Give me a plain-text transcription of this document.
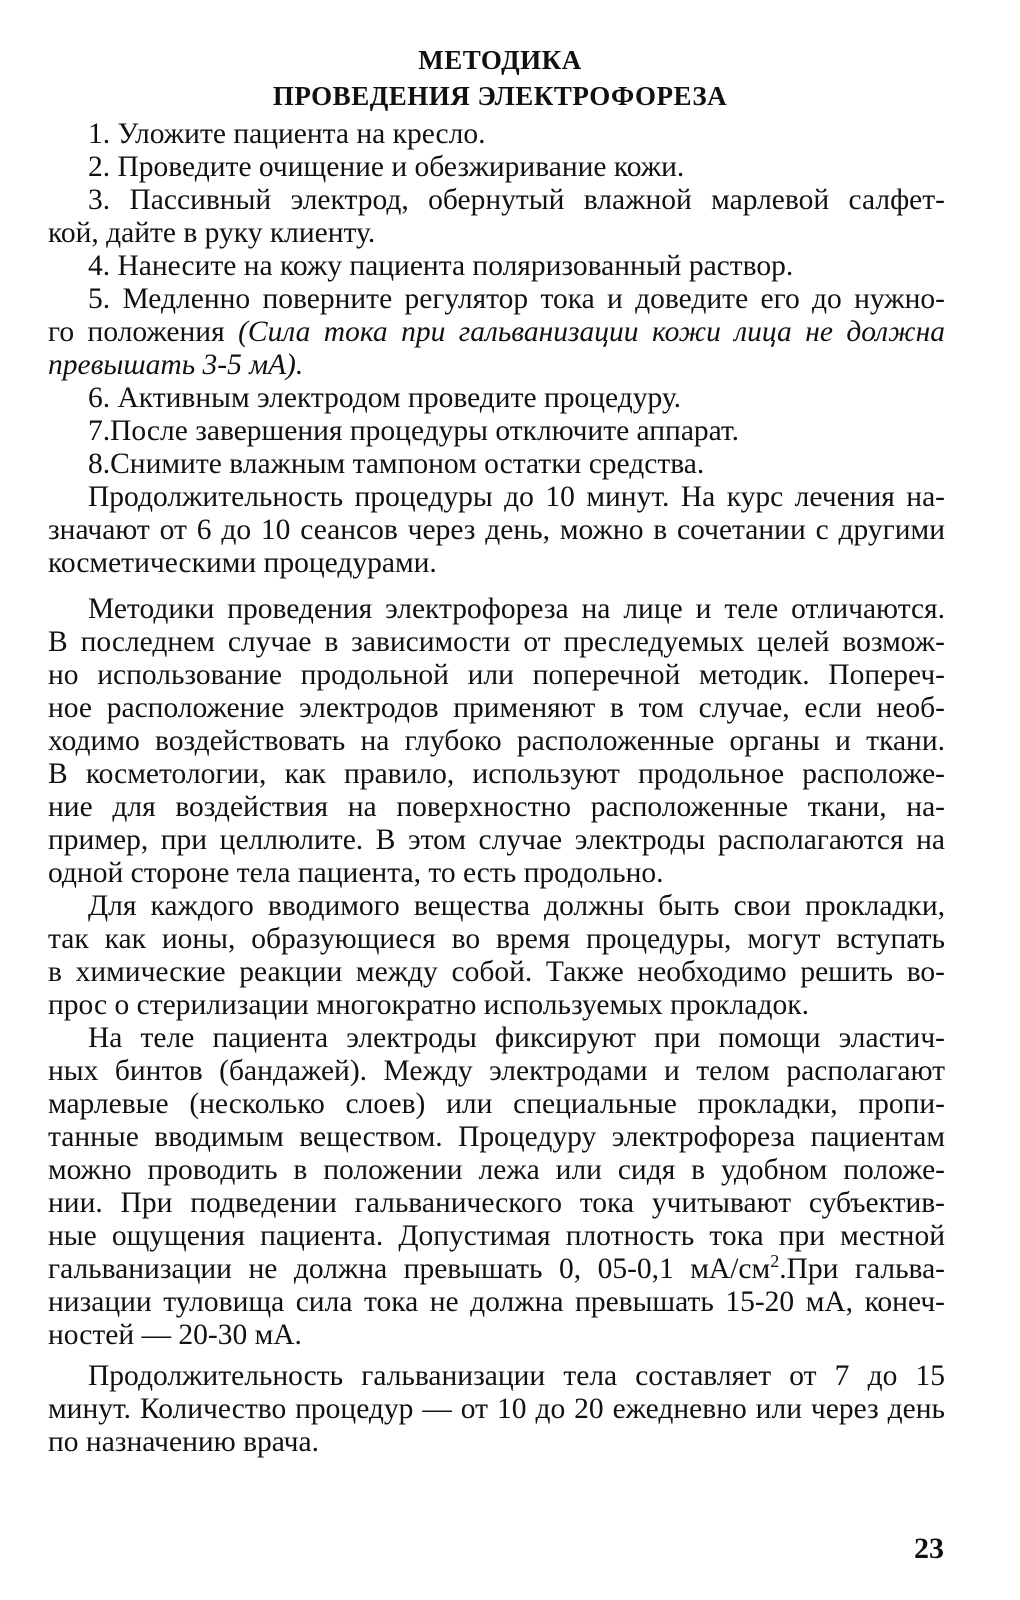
МЕТОДИКА
ПРОВЕДЕНИЯ ЭЛЕКТРОФОРЕЗА
1. Уложите пациента на кресло.
2. Проведите очищение и обезжиривание кожи.
3. Пассивный электрод, обернутый влажной марлевой салфет-
кой, дайте в руку клиенту.
4. Нанесите на кожу пациента поляризованный раствор.
5. Медленно поверните регулятор тока и доведите его до нужно-
го положения (Сила тока при гальванизации кожи лица не должна
превышать 3-5 мА).
6. Активным электродом проведите процедуру.
7.После завершения процедуры отключите аппарат.
8.Снимите влажным тампоном остатки средства.
Продолжительность процедуры до 10 минут. На курс лечения на-
значают от 6 до 10 сеансов через день, можно в сочетании с другими
косметическими процедурами.
Методики проведения электрофореза на лице и теле отличаются.
В последнем случае в зависимости от преследуемых целей возмож-
но использование продольной или поперечной методик. Попереч-
ное расположение электродов применяют в том случае, если необ-
ходимо воздействовать на глубоко расположенные органы и ткани.
В косметологии, как правило, используют продольное расположе-
ние для воздействия на поверхностно расположенные ткани, на-
пример, при целлюлите. В этом случае электроды располагаются на
одной стороне тела пациента, то есть продольно.
Для каждого вводимого вещества должны быть свои прокладки,
так как ионы, образующиеся во время процедуры, могут вступать
в химические реакции между собой. Также необходимо решить во-
прос о стерилизации многократно используемых прокладок.
На теле пациента электроды фиксируют при помощи эластич-
ных бинтов (бандажей). Между электродами и телом располагают
марлевые (несколько слоев) или специальные прокладки, пропи-
танные вводимым веществом. Процедуру электрофореза пациентам
можно проводить в положении лежа или сидя в удобном положе-
нии. При подведении гальванического тока учитывают субъектив-
ные ощущения пациента. Допустимая плотность тока при местной
гальванизации не должна превышать 0, 05-0,1 $мА/см^2.При$ гальва-
низации туловища сила тока не должна превышать 15-20 мА, конеч-
ностей — 20-30 мА.
Продолжительность гальванизации тела составляет от 7 до 15
минут. Количество процедур — от 10 до 20 ежедневно или через день
по назначению врача.
23
